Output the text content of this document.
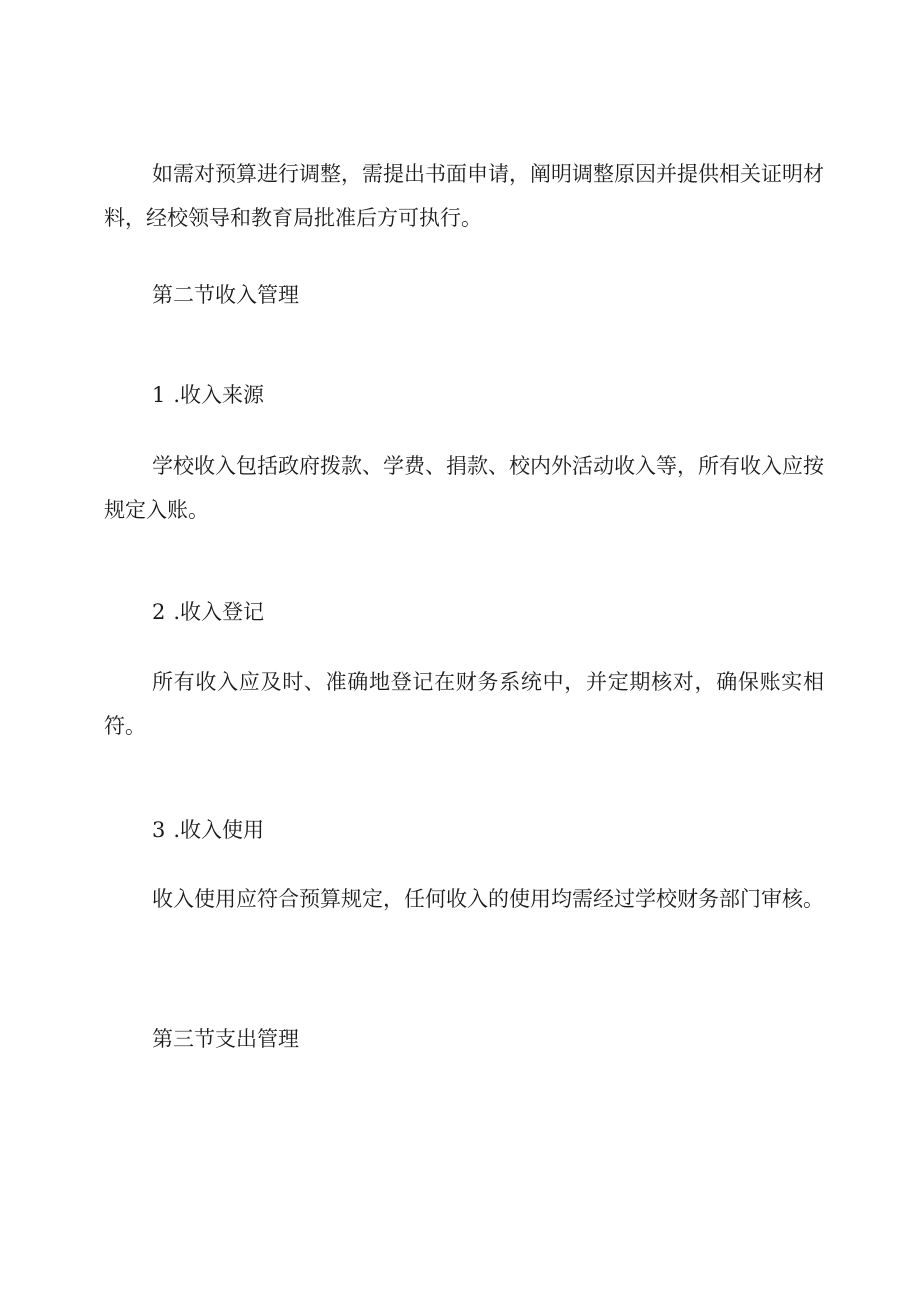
如需对预算进行调整，需提出书面申请，阐明调整原因并提供相关证明材料，经校领导和教育局批准后方可执行。

第二节收入管理
1 .收入来源

学校收入包括政府拨款、学费、捐款、校内外活动收入等，所有收入应按规定入账。

2 .收入登记

所有收入应及时、准确地登记在财务系统中，并定期核对，确保账实相符。

3 .收入使用

收入使用应符合预算规定，任何收入的使用均需经过学校财务部门审核。

第三节支出管理
